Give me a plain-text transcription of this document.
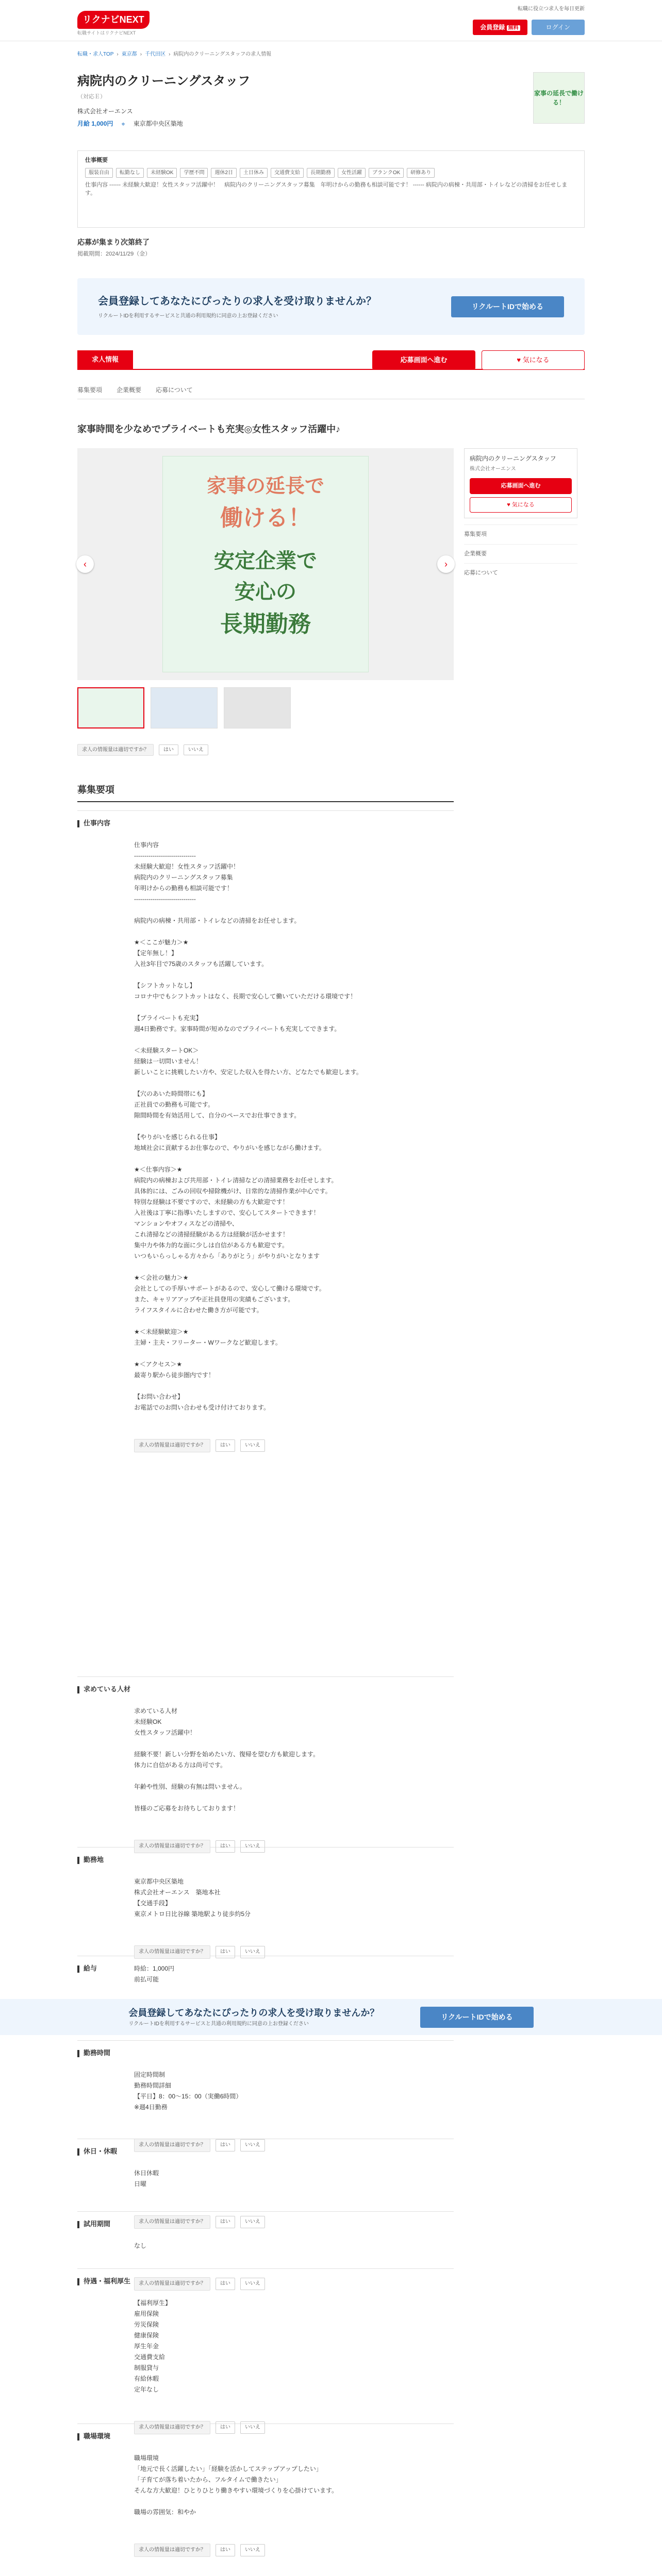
リクナビNEXT
転職サイトはリクナビNEXT
転職に役立つ求人を毎日更新
会員登録 無料	ログイン
転職・求人TOP › 東京都 › 千代田区 › 病院内のクリーニングスタッフの求人情報
病院内のクリーニングスタッフ
（対応Ｅ）
株式会社オーエンス
月給 1,000円 ⌖ 東京都中央区築地
家事の延長で働ける！
仕事概要
服装自由	転勤なし	未経験OK	学歴不問	週休2日	土日休み	交通費支給	長期勤務	女性活躍	ブランクOK	研修あり
仕事内容 ------ 未経験大歓迎！女性スタッフ活躍中！　病院内のクリーニングスタッフ募集　年明けからの勤務も相談可能です！ ------ 病院内の病棟・共用部・トイレなどの清掃をお任せします。
応募が集まり次第終了
掲載期間：2024/11/29（金）
会員登録してあなたにぴったりの求人を受け取りませんか？
リクルートIDを利用するサービスと共通の利用規約に同意の上お登録ください
リクルートIDで始める
求人情報	応募画面へ進む	♥ 気になる
募集要項 企業概要 応募について
家事時間を少なめでプライベートも充実◎女性スタッフ活躍中♪
家事の延長で
働ける！
安定企業で
安心の
長期勤務
‹	›
求人の情報量は適切ですか？	はい	いいえ
病院内のクリーニングスタッフ
株式会社オーエンス
応募画面へ進む
♥ 気になる
募集要項
企業概要
応募について
募集要項
仕事内容

仕事内容
------------------------------
未経験大歓迎！女性スタッフ活躍中！
病院内のクリーニングスタッフ募集
年明けからの勤務も相談可能です！
------------------------------

病院内の病棟・共用部・トイレなどの清掃をお任せします。

★＜ここが魅力＞★
【定年無し！】
入社3年目で75歳のスタッフも活躍しています。

【シフトカットなし】
コロナ中でもシフトカットはなく、長期で安心して働いていただける環境です！

【プライベートも充実】
週4日勤務です。家事時間が短めなのでプライベートも充実してできます。

＜未経験スタートOK＞
経験は一切問いません！
新しいことに挑戦したい方や、安定した収入を得たい方、どなたでも歓迎します。

【穴のあいた時間帯にも】
正社員での勤務も可能です。
隙間時間を有効活用して、自分のペースでお仕事できます。

【やりがいを感じられる仕事】
地域社会に貢献するお仕事なので、やりがいを感じながら働けます。

★＜仕事内容＞★
病院内の病棟および共用部・トイレ清掃などの清掃業務をお任せします。
具体的には、ごみの回収や掃除機がけ、日常的な清掃作業が中心です。
特別な経験は不要ですので、未経験の方も大歓迎です！
入社後は丁寧に指導いたしますので、安心してスタートできます！
マンションやオフィスなどの清掃や、
これ清掃などの清掃経験がある方は経験が活かせます！
集中力や体力的な面に少しは自信がある方も歓迎です。
いつもいらっしゃる方々から「ありがとう」がやりがいとなります

★＜会社の魅力＞★
会社としての手厚いサポートがあるので、安心して働ける環境です。
また、キャリアアップや正社員登用の実績もございます。
ライフスタイルに合わせた働き方が可能です。

★＜未経験歓迎＞★
主婦・主夫・フリーター・Wワークなど歓迎します。

★＜アクセス＞★
最寄り駅から徒歩圏内です！

【お問い合わせ】
お電話でのお問い合わせも受け付けております。

求人の情報量は適切ですか？	はい	いいえ

求めている人材

求めている人材
未経験OK
女性スタッフ活躍中！

経験不要！新しい分野を始めたい方、復帰を望む方も歓迎します。
体力に自信がある方は尚可です。

年齢や性別、経験の有無は問いません。

皆様のご応募をお待ちしております！

求人の情報量は適切ですか？	はい	いいえ

勤務地

東京都中央区築地
株式会社オーエンス　築地本社
【交通手段】
東京メトロ日比谷線 築地駅より徒歩約5分

求人の情報量は適切ですか？	はい	いいえ

給与	時給：1,000円
前払可能
会員登録してあなたにぴったりの求人を受け取りませんか？
リクルートIDを利用するサービスと共通の利用規約に同意の上お登録ください
リクルートIDで始める
勤務時間

固定時間制
勤務時間詳細
【平日】8：00～15：00（実働6時間）
※週4日勤務

求人の情報量は適切ですか？	はい	いいえ

休日・休暇

休日休暇
日曜

求人の情報量は適切ですか？	はい	いいえ

試用期間

なし

求人の情報量は適切ですか？	はい	いいえ

待遇・福利厚生

【福利厚生】
雇用保険
労災保険
健康保険
厚生年金
交通費支給
制服貸与
有給休暇
定年なし

求人の情報量は適切ですか？	はい	いいえ

職場環境

職場環境
「地元で長く活躍したい」「経験を活かしてステップアップしたい」
「子育てが落ち着いたから、フルタイムで働きたい」
そんな方大歓迎！ひとりひとり働きやすい環境づくりを心掛けています。

職場の雰囲気：和やか

求人の情報量は適切ですか？	はい	いいえ
